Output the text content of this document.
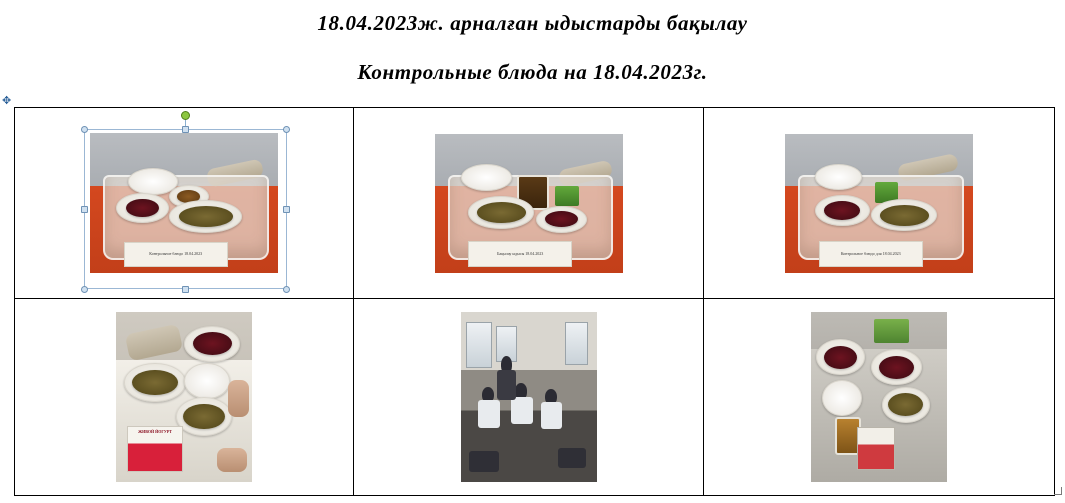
18.04.2023ж. арналған ыдыстарды бақылау
Контрольные блюда на 18.04.2023г.
✥
Контрольное блюдо 18.04.2023	Бақылау ыдысы 18.04.2023	Контрольное блюдо для 18.04.2023

ЖИВОЙ ЙОГУРТ		
